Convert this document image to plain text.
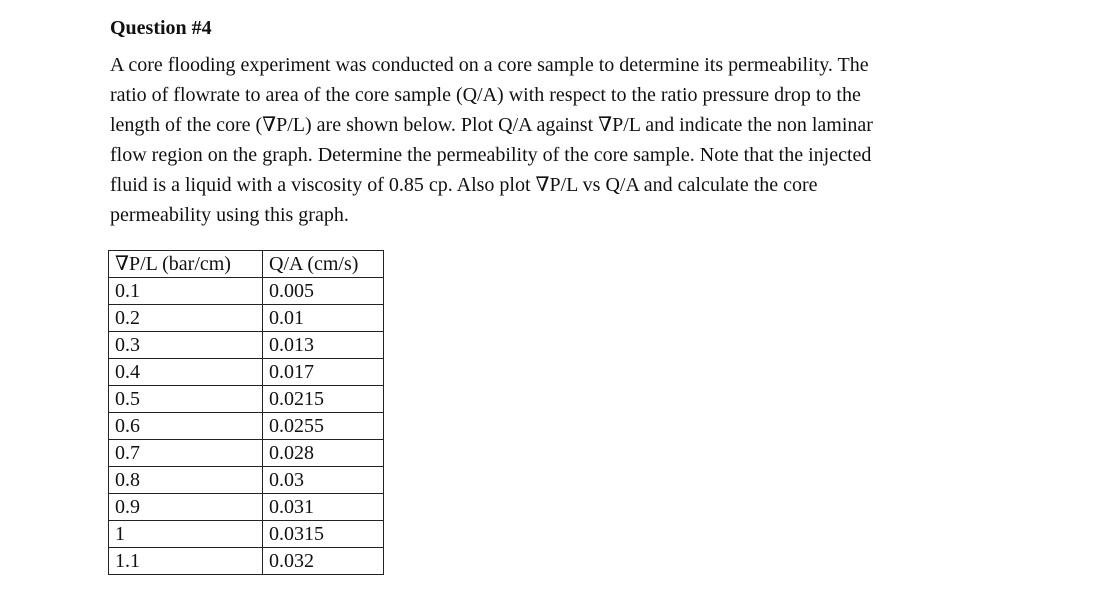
Question #4

A core flooding experiment was conducted on a core sample to determine its permeability. The
ratio of flowrate to area of the core sample (Q/A) with respect to the ratio pressure drop to the
length of the core (∇P/L) are shown below. Plot Q/A against ∇P/L and indicate the non laminar
flow region on the graph. Determine the permeability of the core sample. Note that the injected
fluid is a liquid with a viscosity of 0.85 cp. Also plot ∇P/L vs Q/A and calculate the core
permeability using this graph.

∇P/L (bar/cm)	Q/A (cm/s)
0.1	0.005
0.2	0.01
0.3	0.013
0.4	0.017
0.5	0.0215
0.6	0.0255
0.7	0.028
0.8	0.03
0.9	0.031
1	0.0315
1.1	0.032
